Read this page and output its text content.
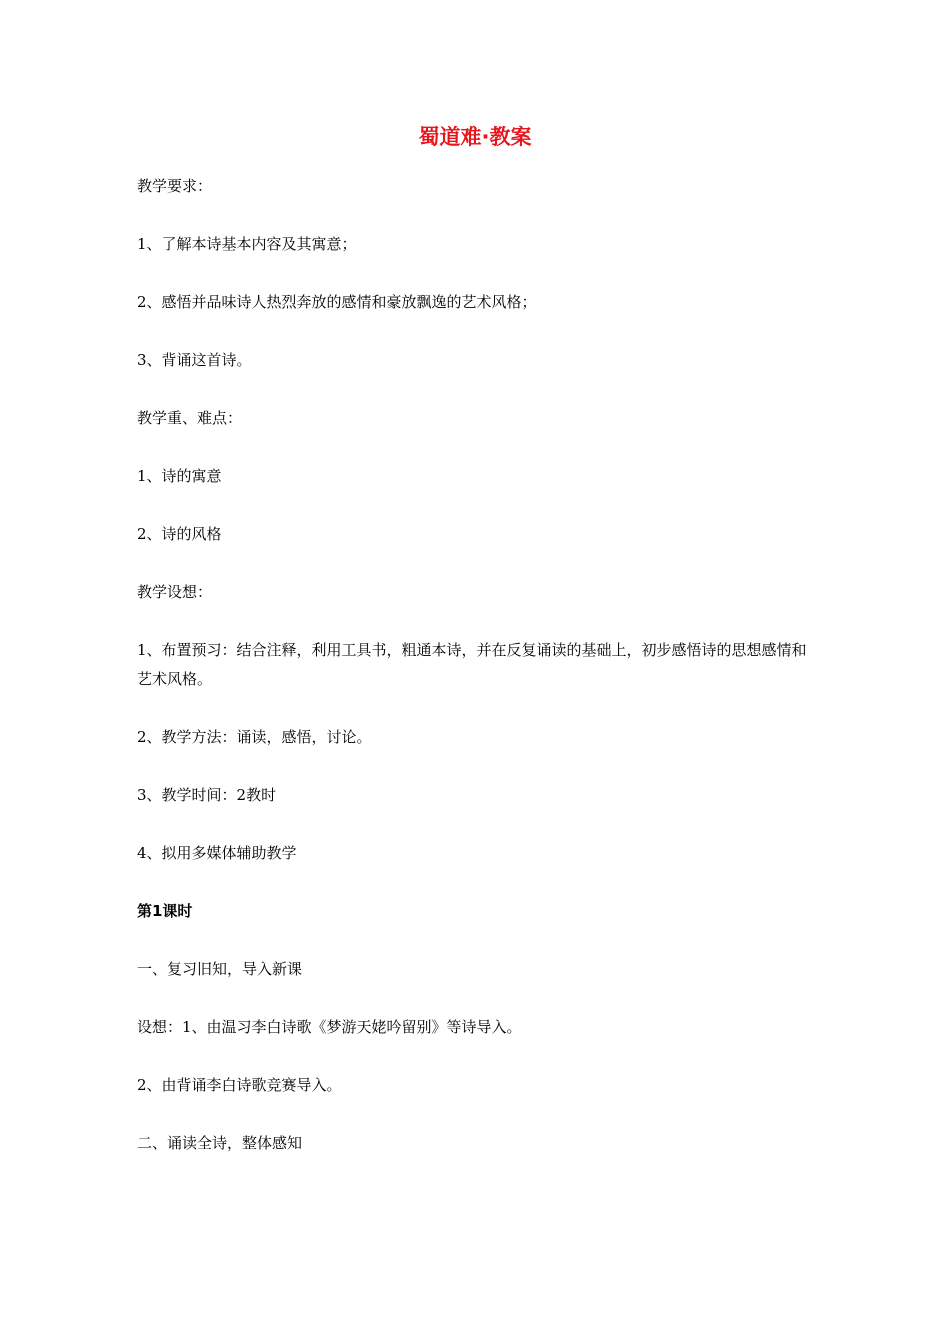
蜀道难·教案

教学要求：

1、了解本诗基本内容及其寓意；

2、感悟并品味诗人热烈奔放的感情和豪放飘逸的艺术风格；

3、背诵这首诗。

教学重、难点：

1、诗的寓意

2、诗的风格

教学设想：

1、布置预习：结合注释，利用工具书，粗通本诗，并在反复诵读的基础上，初步感悟诗的思想感情和艺术风格。

2、教学方法：诵读，感悟，讨论。

3、教学时间：2教时

4、拟用多媒体辅助教学

第1课时

一、复习旧知，导入新课

设想：1、由温习李白诗歌《梦游天姥吟留别》等诗导入。

2、由背诵李白诗歌竞赛导入。

二、诵读全诗，整体感知
